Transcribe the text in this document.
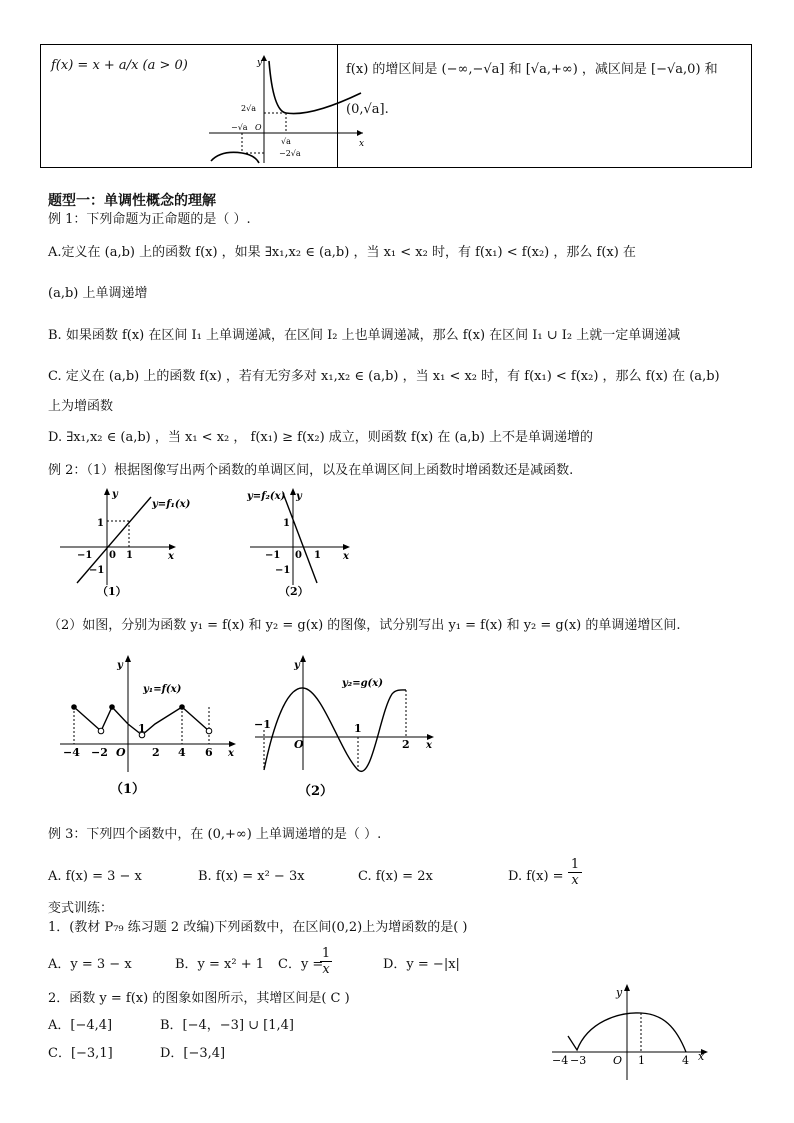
f(x) = x + a/x (a > 0)	y
x
2√a
−√a O
√a
−2√a

f(x) 的增区间是 (−∞,−√a] 和 [√a,+∞) ，减区间是 [−√a,0) 和
(0,√a].
题型一：单调性概念的理解
例 1：下列命题为正命题的是（ ）.
A.定义在 (a,b) 上的函数 f(x) ，如果 ∃x₁,x₂ ∈ (a,b) ，当 x₁ < x₂ 时，有 f(x₁) < f(x₂) ，那么 f(x) 在
(a,b) 上单调递增
B. 如果函数 f(x) 在区间 I₁ 上单调递减，在区间 I₂ 上也单调递减，那么 f(x) 在区间 I₁ ∪ I₂ 上就一定单调递减
C. 定义在 (a,b) 上的函数 f(x) ，若有无穷多对 x₁,x₂ ∈ (a,b) ，当 x₁ < x₂ 时，有 f(x₁) < f(x₂) ，那么 f(x) 在 (a,b)
上为增函数
D. ∃x₁,x₂ ∈ (a,b) ，当 x₁ < x₂ ， f(x₁) ≥ f(x₂) 成立，则函数 f(x) 在 (a,b) 上不是单调递增的
例 2：（1）根据图像写出两个函数的单调区间，以及在单调区间上函数时增函数还是减函数.
y
x
y=f₁(x)
1
−1 0 1
−1
（1）
y=f₂(x) y
x
1
−1 0 1
−1
（2）
（2）如图，分别为函数 y₁ = f(x) 和 y₂ = g(x) 的图像，试分别写出 y₁ = f(x) 和 y₂ = g(x) 的单调递增区间.
y
x
y₁=f(x)
1
−4 −2 O 2 4 6
（1）
y
x
y₂=g(x)
−1
O
1
2
（2）
例 3：下列四个函数中，在 (0,+∞) 上单调递增的是（ ）.
A. f(x) = 3 − x	B. f(x) = x² − 3x	C. f(x) = 2x	D. $f(x) = \frac{1}{x}$
变式训练：
1．(教材 P₇₉ 练习题 2 改编)下列函数中，在区间(0,2)上为增函数的是( )
A．y = 3 − x	B．y = x² + 1 C．y =
$\frac{1}{x}$	D．y = −|x|
2．函数 y = f(x) 的图象如图所示，其增区间是( C )
A．[−4,4]	B．[−4，−3] ∪ [1,4]
C．[−3,1]	D．[−3,4]
y
x
−4 −3 O 1	4
